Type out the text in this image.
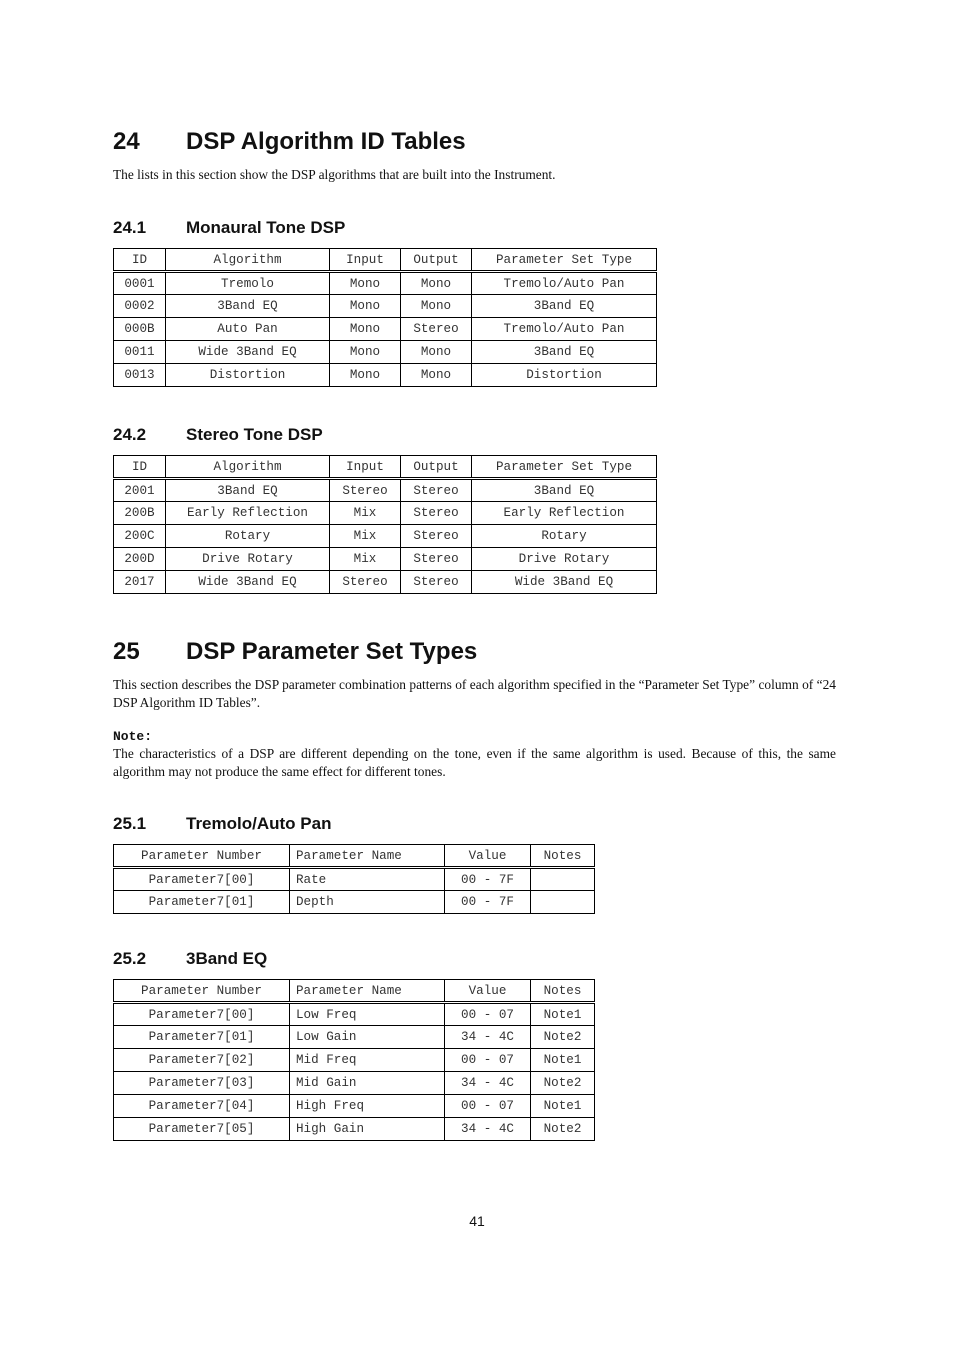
24 DSP Algorithm ID Tables

The lists in this section show the DSP algorithms that are built into the Instrument.

24.1 Monaural Tone DSP
ID	Algorithm	Input	Output	Parameter Set Type
0001	Tremolo	Mono	Mono	Tremolo/Auto Pan
0002	3Band EQ	Mono	Mono	3Band EQ
000B	Auto Pan	Mono	Stereo	Tremolo/Auto Pan
0011	Wide 3Band EQ	Mono	Mono	3Band EQ
0013	Distortion	Mono	Mono	Distortion
24.2 Stereo Tone DSP
ID	Algorithm	Input	Output	Parameter Set Type
2001	3Band EQ	Stereo	Stereo	3Band EQ
200B	Early Reflection	Mix	Stereo	Early Reflection
200C	Rotary	Mix	Stereo	Rotary
200D	Drive Rotary	Mix	Stereo	Drive Rotary
2017	Wide 3Band EQ	Stereo	Stereo	Wide 3Band EQ
25 DSP Parameter Set Types

This section describes the DSP parameter combination patterns of each algorithm specified in the “Parameter Set Type” column of “24 DSP Algorithm ID Tables”.

Note:

The characteristics of a DSP are different depending on the tone, even if the same algorithm is used. Because of this, the same algorithm may not produce the same effect for different tones.

25.1 Tremolo/Auto Pan
Parameter Number	Parameter Name	Value	Notes
Parameter7[00]	Rate	00 - 7F	
Parameter7[01]	Depth	00 - 7F	
25.2 3Band EQ
Parameter Number	Parameter Name	Value	Notes
Parameter7[00]	Low Freq	00 - 07	Note1
Parameter7[01]	Low Gain	34 - 4C	Note2
Parameter7[02]	Mid Freq	00 - 07	Note1
Parameter7[03]	Mid Gain	34 - 4C	Note2
Parameter7[04]	High Freq	00 - 07	Note1
Parameter7[05]	High Gain	34 - 4C	Note2

41
